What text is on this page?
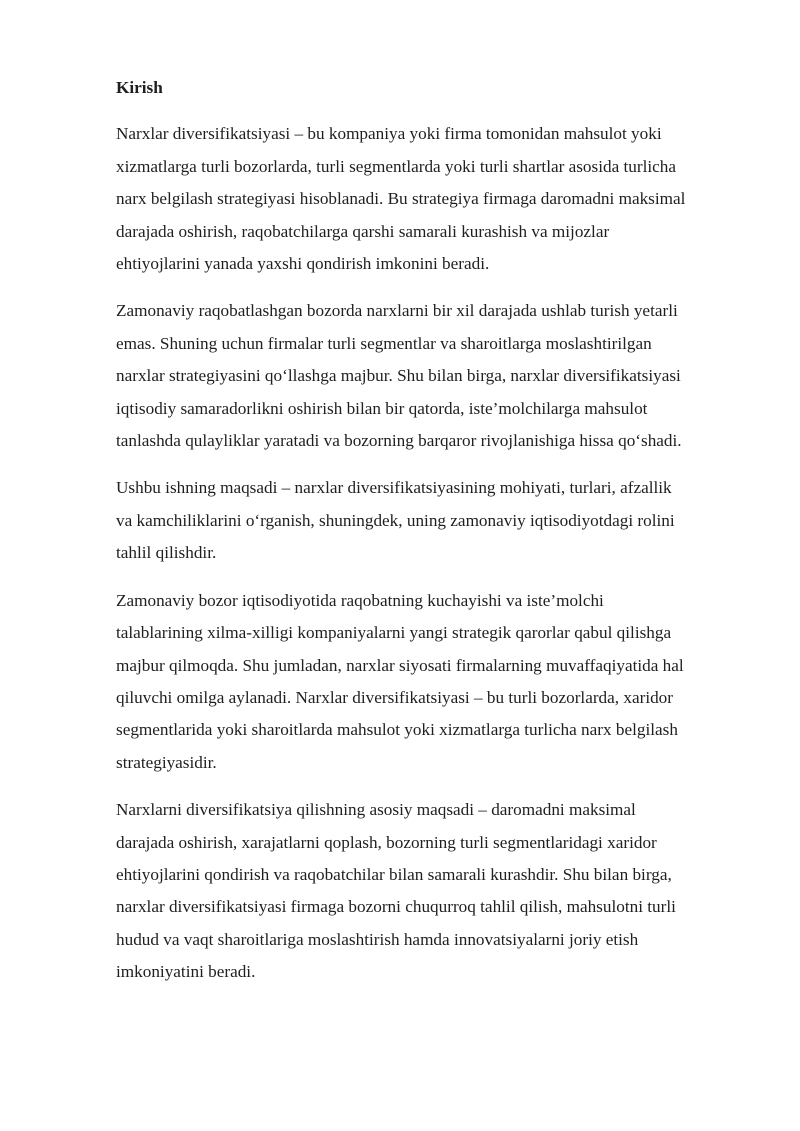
Kirish
Narxlar diversifikatsiyasi – bu kompaniya yoki firma tomonidan mahsulot yoki
xizmatlarga turli bozorlarda, turli segmentlarda yoki turli shartlar asosida turlicha
narx belgilash strategiyasi hisoblanadi. Bu strategiya firmaga daromadni maksimal
darajada oshirish, raqobatchilarga qarshi samarali kurashish va mijozlar
ehtiyojlarini yanada yaxshi qondirish imkonini beradi.
Zamonaviy raqobatlashgan bozorda narxlarni bir xil darajada ushlab turish yetarli
emas. Shuning uchun firmalar turli segmentlar va sharoitlarga moslashtirilgan
narxlar strategiyasini qo‘llashga majbur. Shu bilan birga, narxlar diversifikatsiyasi
iqtisodiy samaradorlikni oshirish bilan bir qatorda, iste’molchilarga mahsulot
tanlashda qulayliklar yaratadi va bozorning barqaror rivojlanishiga hissa qo‘shadi.
Ushbu ishning maqsadi – narxlar diversifikatsiyasining mohiyati, turlari, afzallik
va kamchiliklarini o‘rganish, shuningdek, uning zamonaviy iqtisodiyotdagi rolini
tahlil qilishdir.
Zamonaviy bozor iqtisodiyotida raqobatning kuchayishi va iste’molchi
talablarining xilma-xilligi kompaniyalarni yangi strategik qarorlar qabul qilishga
majbur qilmoqda. Shu jumladan, narxlar siyosati firmalarning muvaffaqiyatida hal
qiluvchi omilga aylanadi. Narxlar diversifikatsiyasi – bu turli bozorlarda, xaridor
segmentlarida yoki sharoitlarda mahsulot yoki xizmatlarga turlicha narx belgilash
strategiyasidir.
Narxlarni diversifikatsiya qilishning asosiy maqsadi – daromadni maksimal
darajada oshirish, xarajatlarni qoplash, bozorning turli segmentlaridagi xaridor
ehtiyojlarini qondirish va raqobatchilar bilan samarali kurashdir. Shu bilan birga,
narxlar diversifikatsiyasi firmaga bozorni chuqurroq tahlil qilish, mahsulotni turli
hudud va vaqt sharoitlariga moslashtirish hamda innovatsiyalarni joriy etish
imkoniyatini beradi.
